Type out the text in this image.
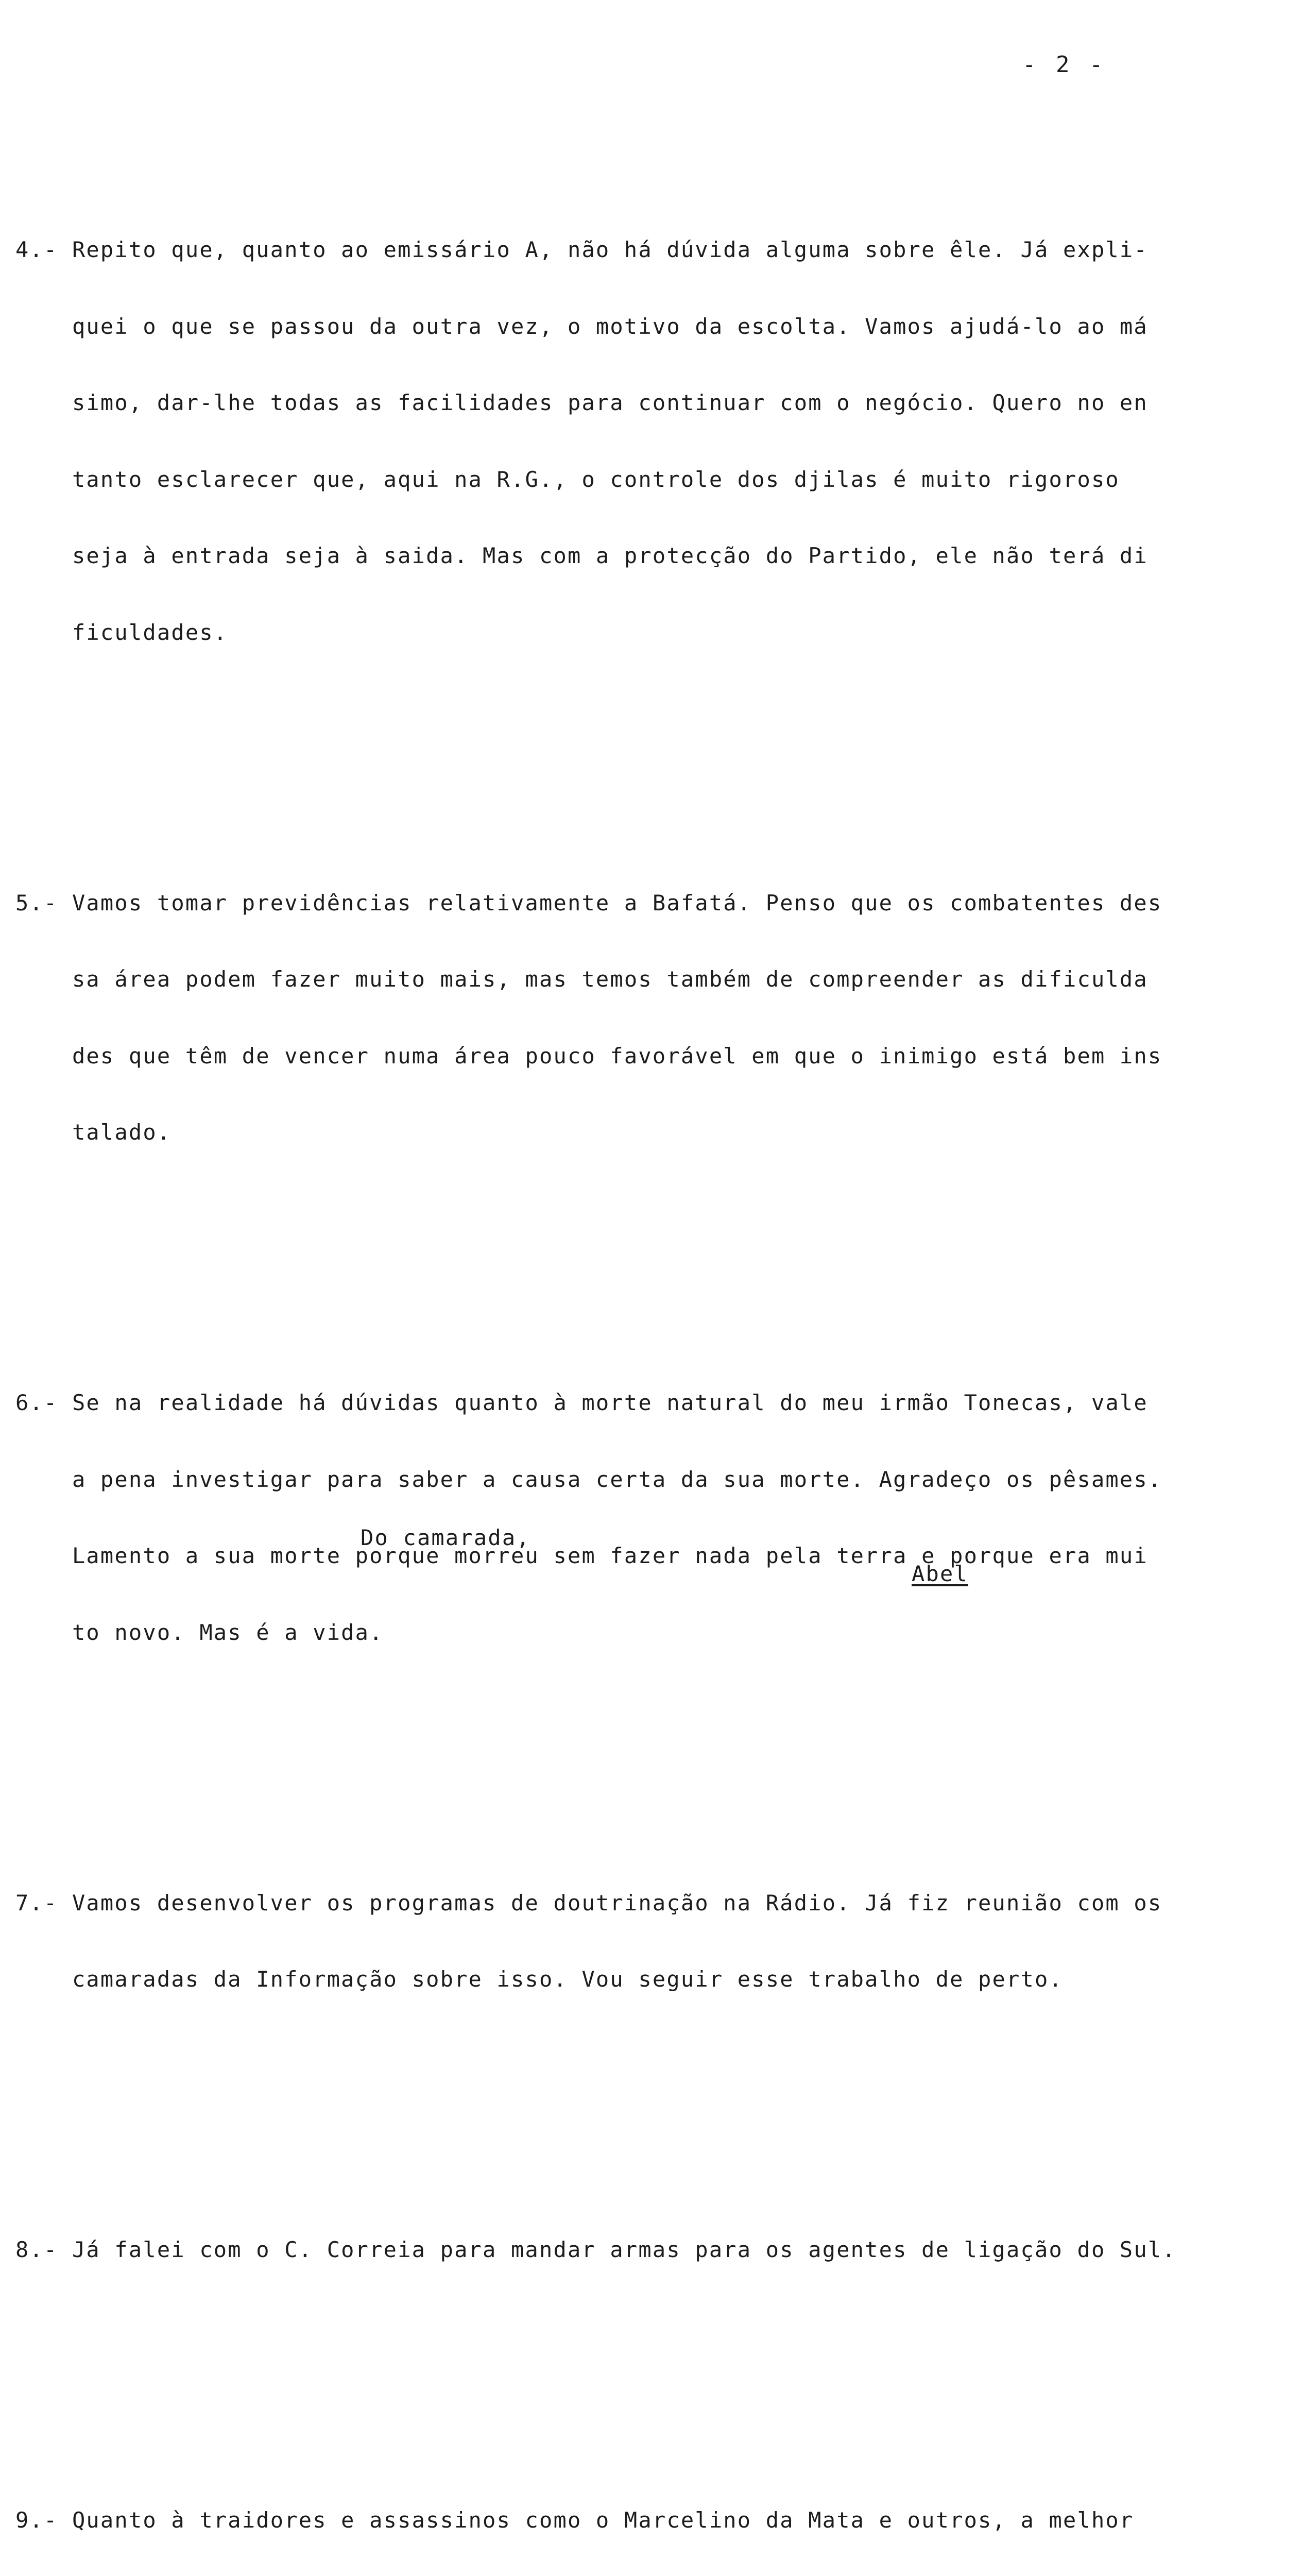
- 2 -

4.- Repito que, quanto ao emissário A, não há dúvida alguma sobre êle. Já expli-

quei o que se passou da outra vez, o motivo da escolta. Vamos ajudá-lo ao má

simo, dar-lhe todas as facilidades para continuar com o negócio. Quero no en

tanto esclarecer que, aqui na R.G., o controle dos djilas é muito rigoroso

seja à entrada seja à saida. Mas com a protecção do Partido, ele não terá di

ficuldades.

5.- Vamos tomar previdências relativamente a Bafatá. Penso que os combatentes des

sa área podem fazer muito mais, mas temos também de compreender as dificulda

des que têm de vencer numa área pouco favorável em que o inimigo está bem ins

talado.

6.- Se na realidade há dúvidas quanto à morte natural do meu irmão Tonecas, vale

a pena investigar para saber a causa certa da sua morte. Agradeço os pêsames.

Lamento a sua morte porque morreu sem fazer nada pela terra e porque era mui

to novo. Mas é a vida.

7.- Vamos desenvolver os programas de doutrinação na Rádio. Já fiz reunião com os

camaradas da Informação sobre isso. Vou seguir esse trabalho de perto.

8.- Já falei com o C. Correia para mandar armas para os agentes de ligação do Sul.

9.- Quanto à traidores e assassinos como o Marcelino da Mata e outros, a melhor

Do camarada,
Abel
